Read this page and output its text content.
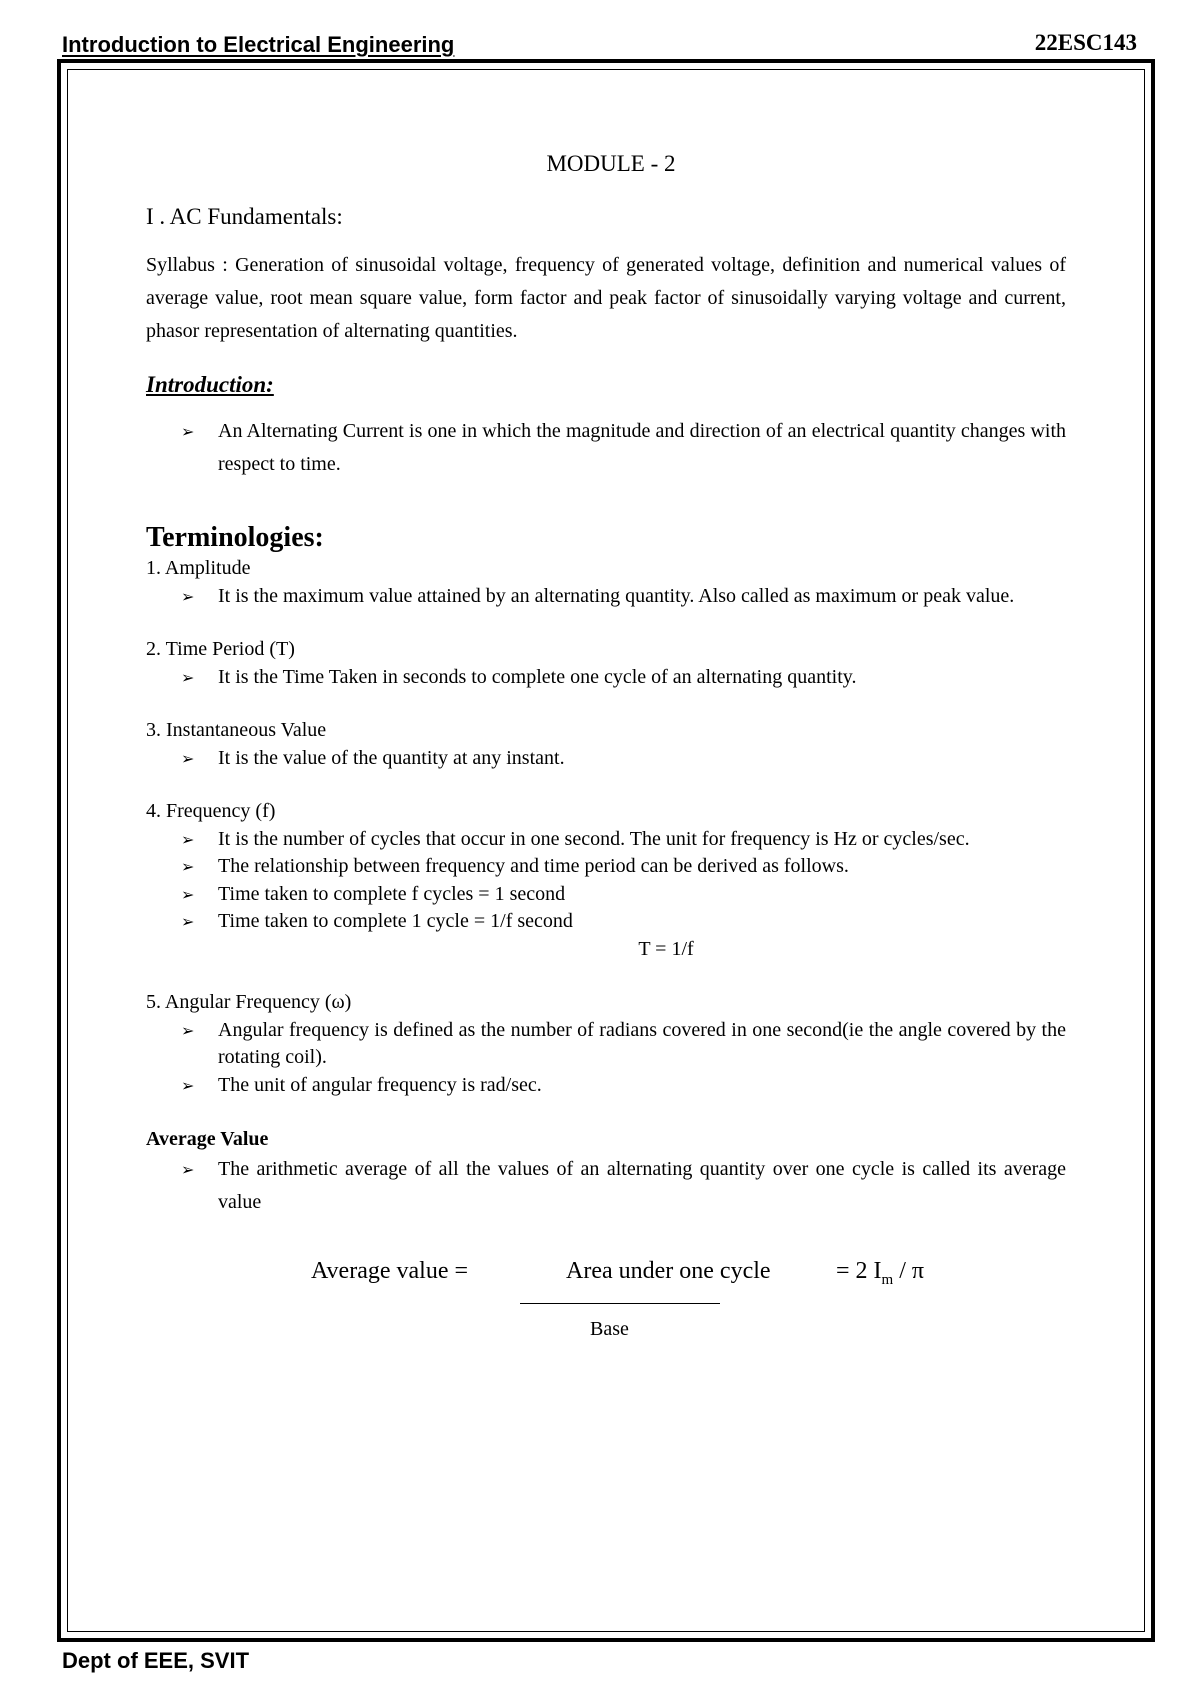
Introduction to Electrical Engineering	22ESC143
MODULE - 2
I . AC Fundamentals:
Syllabus : Generation of sinusoidal voltage, frequency of generated voltage, definition and numerical values of average value, root mean square value, form factor and peak factor of sinusoidally varying voltage and current, phasor representation of alternating quantities.
Introduction:
➢ An Alternating Current is one in which the magnitude and direction of an electrical quantity changes with respect to time.
Terminologies:
1. Amplitude
➢ It is the maximum value attained by an alternating quantity. Also called as maximum or peak value.
2. Time Period (T)
➢ It is the Time Taken in seconds to complete one cycle of an alternating quantity.
3. Instantaneous Value
➢ It is the value of the quantity at any instant.
4. Frequency (f)
➢ It is the number of cycles that occur in one second. The unit for frequency is Hz or cycles/sec.
➢ The relationship between frequency and time period can be derived as follows.
➢ Time taken to complete f cycles = 1 second
➢ Time taken to complete 1 cycle = 1/f second
T = 1/f
5. Angular Frequency (ω)
➢ Angular frequency is defined as the number of radians covered in one second(ie the angle covered by the rotating coil).
➢ The unit of angular frequency is rad/sec.
Average Value
➢ The arithmetic average of all the values of an alternating quantity over one cycle is called its average value
Average value =	Area under one cycle	= 2 $I_m$ / π
Base
Dept of EEE, SVIT
